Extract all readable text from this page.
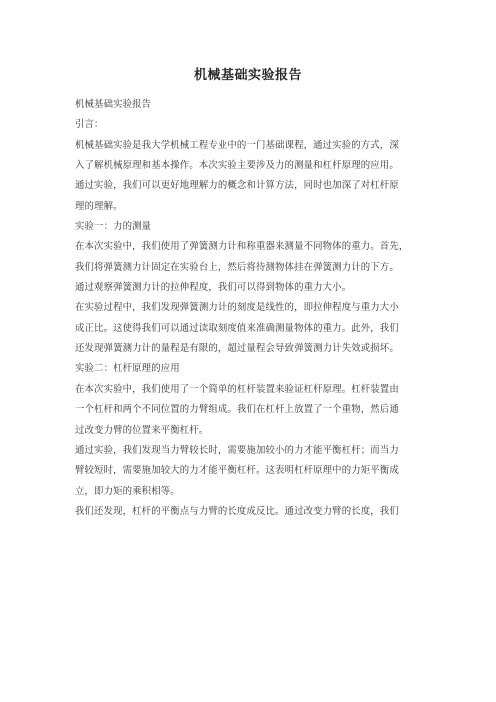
机械基础实验报告
机械基础实验报告
引言：
机械基础实验是我大学机械工程专业中的一门基础课程，通过实验的方式，深
入了解机械原理和基本操作。本次实验主要涉及力的测量和杠杆原理的应用。
通过实验，我们可以更好地理解力的概念和计算方法，同时也加深了对杠杆原
理的理解。
实验一：力的测量
在本次实验中，我们使用了弹簧测力计和称重器来测量不同物体的重力。首先，
我们将弹簧测力计固定在实验台上，然后将待测物体挂在弹簧测力计的下方。
通过观察弹簧测力计的拉伸程度，我们可以得到物体的重力大小。
在实验过程中，我们发现弹簧测力计的刻度是线性的，即拉伸程度与重力大小
成正比。这使得我们可以通过读取刻度值来准确测量物体的重力。此外，我们
还发现弹簧测力计的量程是有限的，超过量程会导致弹簧测力计失效或损坏。
实验二：杠杆原理的应用
在本次实验中，我们使用了一个简单的杠杆装置来验证杠杆原理。杠杆装置由
一个杠杆和两个不同位置的力臂组成。我们在杠杆上放置了一个重物，然后通
过改变力臂的位置来平衡杠杆。
通过实验，我们发现当力臂较长时，需要施加较小的力才能平衡杠杆；而当力
臂较短时，需要施加较大的力才能平衡杠杆。这表明杠杆原理中的力矩平衡成
立，即力矩的乘积相等。
我们还发现，杠杆的平衡点与力臂的长度成反比。通过改变力臂的长度，我们
